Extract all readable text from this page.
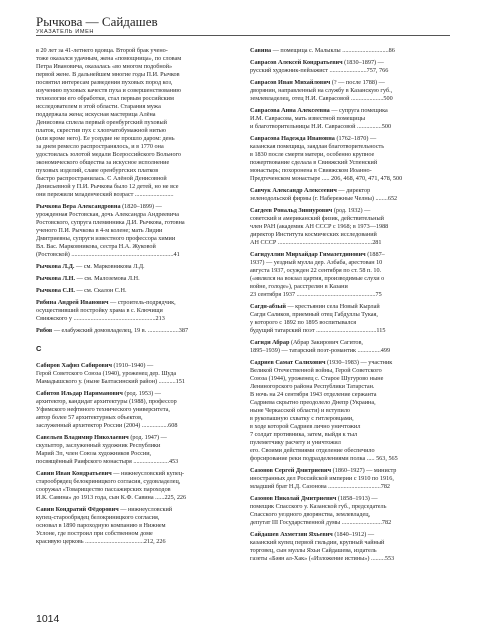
Рычкова — Сайдашев
УКАЗАТЕЛЬ ИМЕН
в 20 лет за 41-летнего вдовца. Второй брак учено-
тоже оказался удачным, жена «помощница», по словам
Петра Ивановича, оказалась «во многом подобной»
первой жене. В дальнейшем многие годы П.И. Рычков
посвятил интересам разведения пуховых пород коз,
изучению пуховых качеств пуха и совершенствованию
технологии его обработки, стал первым российским
исследователем в этой области. Старания мужа
поддержала жена; искусная мастерица Алёна
Денисовна сплела первый оренбургский пуховый
платок, скрестив пух с хлопчатобумажной нитью
(или кроме него). Ее усердие не прошло даром: день
за днем ремесло распространялось, и в 1770 она
удостоилась золотой медали Всероссийского Вольного
экономического общества за искусное исполнение
пуховых изделий, славе оренбургских платков
быстро распространилась. С Алёной Денисовной
Денисьевной у П.И. Рычкова было 12 детей, но не все
они пережили младенческий возраст .........................
Рычкова Вера Александровна (1820–1899) —
урожденная Ростовская, дочь Александра Андреевича
Ростовского, супруга племянника Д.И. Рычкова, готовна
ученого П.И. Рычкова в 4-м колене; мать Лидии
Дмитриевны, супруги известного профессора химии
Вл. Вас. Марковникова, сестра Н.А. Жуковой
(Ростовской) ..................................................................41
Рычкова Л.Д. — см. Марковникова Л.Д.
Рычкова Л.Н. — см. Малоземова Л.Н.
Рычкова С.Н. — см. Скалон С.Н.
Рябина Андрей Иванович — строитель-подрядчик,
осуществивший постройку храма в с. Ключищи
Свияжского у .....................................................213
Рябов — елабужский домовладелец, 19 в. ....................387
С
Сабиров Хафиз Сабирович (1910–1940) —
Герой Советского Союза (1940), уроженец дер. Шуда
Мамадышского у. (ныне Балтасинский район) ...........151
Сабитов Ильдар Нариманович (род. 1953) —
архитектор, кандидат архитектуры (1988), профессор
Уфимского нефтяного технического университета,
автор более 57 архитектурных объектов,
заслуженный архитектор России (2004) .................608
Савельев Владимир Николаевич (род. 1947) —
скульптор, заслуженный художник Республики
Марий Эл, член Союза художников России,
посвящённый Раифского монастыря .......................453
Савин Иван Кондратьевич — нижнеусловский купец-
старообрядец белокриницкого согласия, судовладелец,
сооружал «Товарищество пассажирских пароходов
И.К. Савина» до 1913 года, сын К.Ф. Савина ......225, 226
Савин Кондратий Фёдорович — нижнеусловский
купец-старообрядец белокриницкого согласия,
основал в 1890 пароходную компанию в Нижнем
Услоне, где построил при собственном доме
красивую церковь ......................................212, 226
Савина — помещица с. Малыклы ..............................86
Саврасов Алексей Кондратьевич (1830–1897) —
русский художник-пейзажист ........................757, 766
Саврасов Иван Михайлович (? — после 1788) —
дворянин, направленный на службу в Казанскую губ.,
землевладелец, отец Н.И. Саврасовой .....................500
Саврасова Анна Алексеевна — супруга помещика
И.М. Саврасова, мать известной помещицы
и благотворительницы Н.И. Саврасовой ................500
Саврасова Надежда Ивановна (1762–1870) —
казанская помещица, заядлая благотворительность
в 1830 после смерти матери, особенно крупное
пожертвование сделала в Свияжский Успенский
монастырь; похоронена в Свияжском Иоанно-
Предтеченском монастыре ..... 206, 468, 470, 471, 478, 500
Савчук Александр Алексеевич — директор
зеленодольской фирмы (г. Набережные Челны) ........652
Сагдеев Рональд Зиннурович (род. 1932) —
советский и американский физик, действительный
член РАН (академик АН СССР с 1968; в 1973—1988
директор Института космических исследований
АН СССР .............................................................281
Сагидуллин Мирхайдар Гимазетдинович (1887–
1937) — уездный мулла дер. Азбаба, арестован 10
августа 1937, осужден 22 сентября по ст. 58 п. 10.
(«являлся на вокзал цартия, производимые слухи о
войне, голоде»), расстрелян в Казани
23 сентября 1937 ...................................................75
Сагдн-абзый — крестьянин села Новый Кырлай
Сагди Саликов, приемный отец Габдуллы Тукая,
у которого с 1892 по 1895 воспитывался
будущий татарский поэт .......................................115
Сагиди Абрар (Абрар Закирович Сагитов,
1895–1939) — татарский поэт-романтик ...............499
Садриев Самат Салихович (1930–1983) — участник
Великой Отечественной войны, Герой Советского
Союза (1944), уроженец с. Старое Шугурово ныне
Лениногорского района Республики Татарстан.
В ночь на 24 сентября 1943 отделение сержанта
Садриева скрытно преодолело Днепр (Украина,
ныне Черкасской области) и вступило
в рукопашную схватку с гитлеровцами,
в ходе которой Садриев лично уничтожил
7 солдат противника, затем, выйдя к тыл
пулеметчику расчету и уничтожил
его. Своими действиями отделение обеспечило
форсирование реки подразделениями полка ..... 563, 565
Сазонов Сергей Дмитриевич (1860–1927) — министр
иностранных дел Российской империи с 1910 по 1916,
младший брат Н.Д. Сазонова ..................................782
Сазонов Николай Дмитриевич (1858–1913) —
помещик Спасского у. Казанской губ., председатель
Спасского уездного дворянства, землевладец,
депутат III Государственной думы ..........................782
Сайдашев Ахметзян Яхьевич (1840–1912) —
казанский купец первой гильдии, крупный чайный
торговец, сын муллы Яхьи Сайдашева, издатель
газеты «Бәян ал-Хак» («Изложение истины») .........553
1014
